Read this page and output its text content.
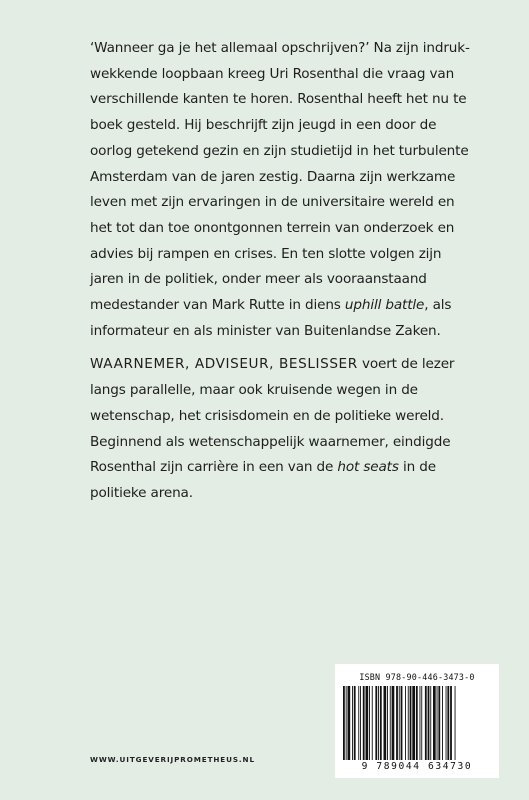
‘Wanneer ga je het allemaal opschrijven?’ Na zijn indrukwekkende loopbaan kreeg Uri Rosenthal die vraag van verschillende kanten te horen. Rosenthal heeft het nu te boek gesteld. Hij beschrijft zijn jeugd in een door de oorlog getekend gezin en zijn studietijd in het turbulente Amsterdam van de jaren zestig. Daarna zijn werkzame leven met zijn ervaringen in de universitaire wereld en het tot dan toe onontgonnen terrein van onderzoek en advies bij rampen en crises. En ten slotte volgen zijn jaren in de politiek, onder meer als vooraanstaand medestander van Mark Rutte in diens uphill battle, als informateur en als minister van Buitenlandse Zaken.

WAARNEMER, ADVISEUR, BESLISSER voert de lezer langs parallelle, maar ook kruisende wegen in de wetenschap, het crisisdomein en de politieke wereld. Beginnend als wetenschappelijk waarnemer, eindigde Rosenthal zijn carrière in een van de hot seats in de politieke arena.

ISBN 978-90-446-3473-0
9 789044 634730
WWW.UITGEVERIJPROMETHEUS.NL
